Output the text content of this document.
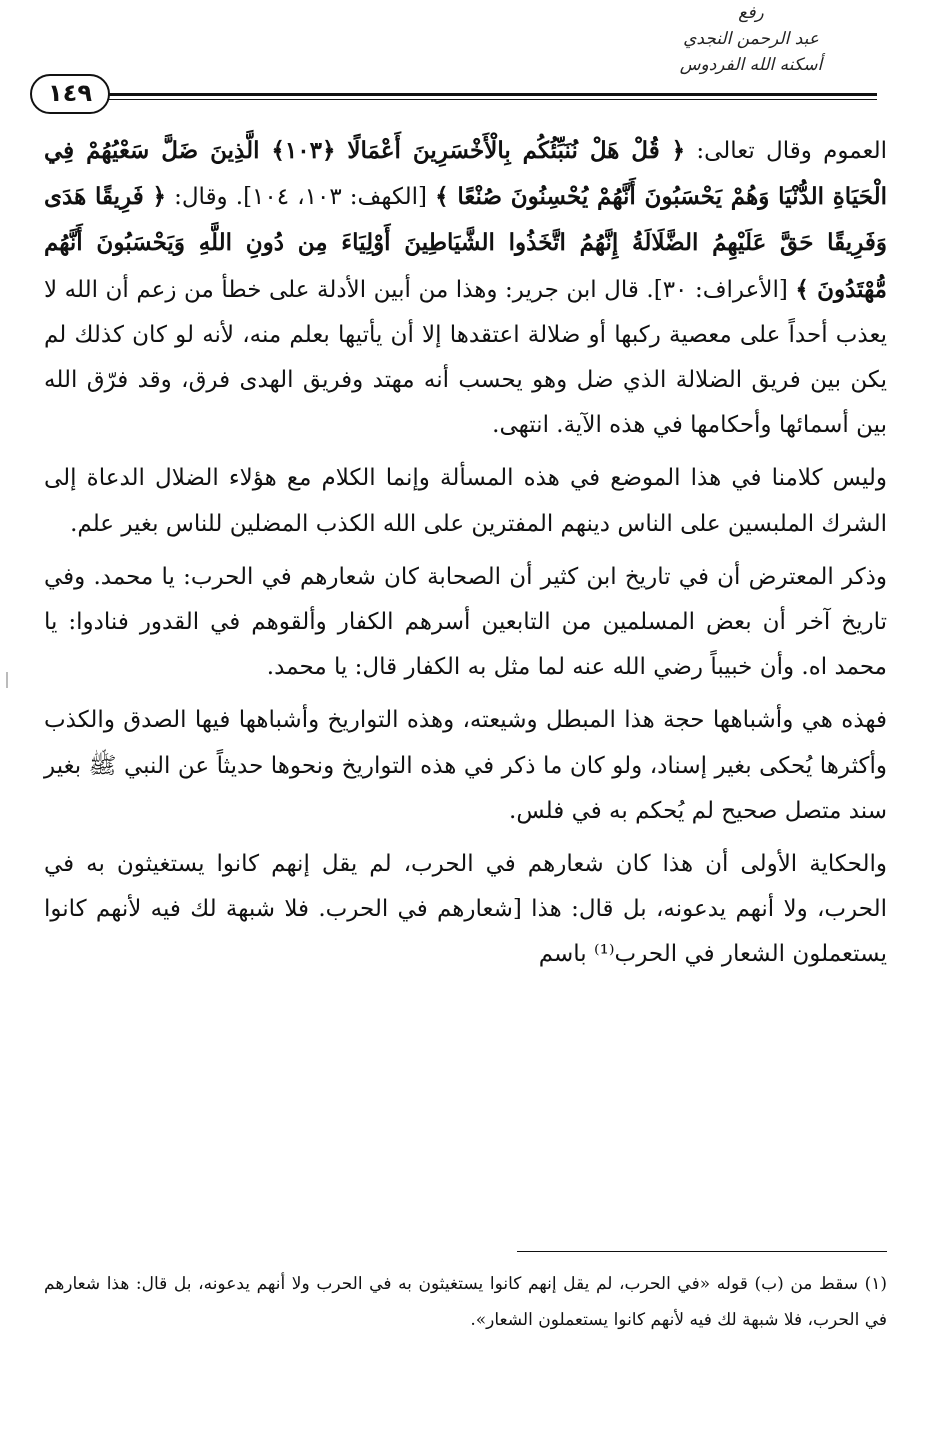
رفع
عبد الرحمن النجدي
أسكنه الله الفردوس
١٤٩

العموم وقال تعالى: ﴿ قُلْ هَلْ نُنَبِّئُكُم بِالْأَخْسَرِينَ أَعْمَالًا ﴿١٠٣﴾ الَّذِينَ ضَلَّ سَعْيُهُمْ فِي الْحَيَاةِ الدُّنْيَا وَهُمْ يَحْسَبُونَ أَنَّهُمْ يُحْسِنُونَ صُنْعًا ﴾ [الكهف: ١٠٣، ١٠٤]. وقال: ﴿ فَرِيقًا هَدَى وَفَرِيقًا حَقَّ عَلَيْهِمُ الضَّلَالَةُ إِنَّهُمُ اتَّخَذُوا الشَّيَاطِينَ أَوْلِيَاءَ مِن دُونِ اللَّهِ وَيَحْسَبُونَ أَنَّهُم مُّهْتَدُونَ ﴾ [الأعراف: ٣٠]. قال ابن جرير: وهذا من أبين الأدلة على خطأ من زعم أن الله لا يعذب أحداً على معصية ركبها أو ضلالة اعتقدها إلا أن يأتيها بعلم منه، لأنه لو كان كذلك لم يكن بين فريق الضلالة الذي ضل وهو يحسب أنه مهتد وفريق الهدى فرق، وقد فرّق الله بين أسمائها وأحكامها في هذه الآية. انتهى.

وليس كلامنا في هذا الموضع في هذه المسألة وإنما الكلام مع هؤلاء الضلال الدعاة إلى الشرك الملبسين على الناس دينهم المفترين على الله الكذب المضلين للناس بغير علم.

وذكر المعترض أن في تاريخ ابن كثير أن الصحابة كان شعارهم في الحرب: يا محمد. وفي تاريخ آخر أن بعض المسلمين من التابعين أسرهم الكفار وألقوهم في القدور فنادوا: يا محمد اه. وأن خبيباً رضي الله عنه لما مثل به الكفار قال: يا محمد.

فهذه هي وأشباهها حجة هذا المبطل وشيعته، وهذه التواريخ وأشباهها فيها الصدق والكذب وأكثرها يُحكى بغير إسناد، ولو كان ما ذكر في هذه التواريخ ونحوها حديثاً عن النبي ﷺ بغير سند متصل صحيح لم يُحكم به في فلس.

والحكاية الأولى أن هذا كان شعارهم في الحرب، لم يقل إنهم كانوا يستغيثون به في الحرب، ولا أنهم يدعونه، بل قال: هذا [شعارهم في الحرب. فلا شبهة لك فيه لأنهم كانوا يستعملون الشعار في الحرب⁽¹⁾ باسم

(١) سقط من (ب) قوله «في الحرب، لم يقل إنهم كانوا يستغيثون به في الحرب ولا أنهم يدعونه، بل قال: هذا شعارهم في الحرب، فلا شبهة لك فيه لأنهم كانوا يستعملون الشعار».
